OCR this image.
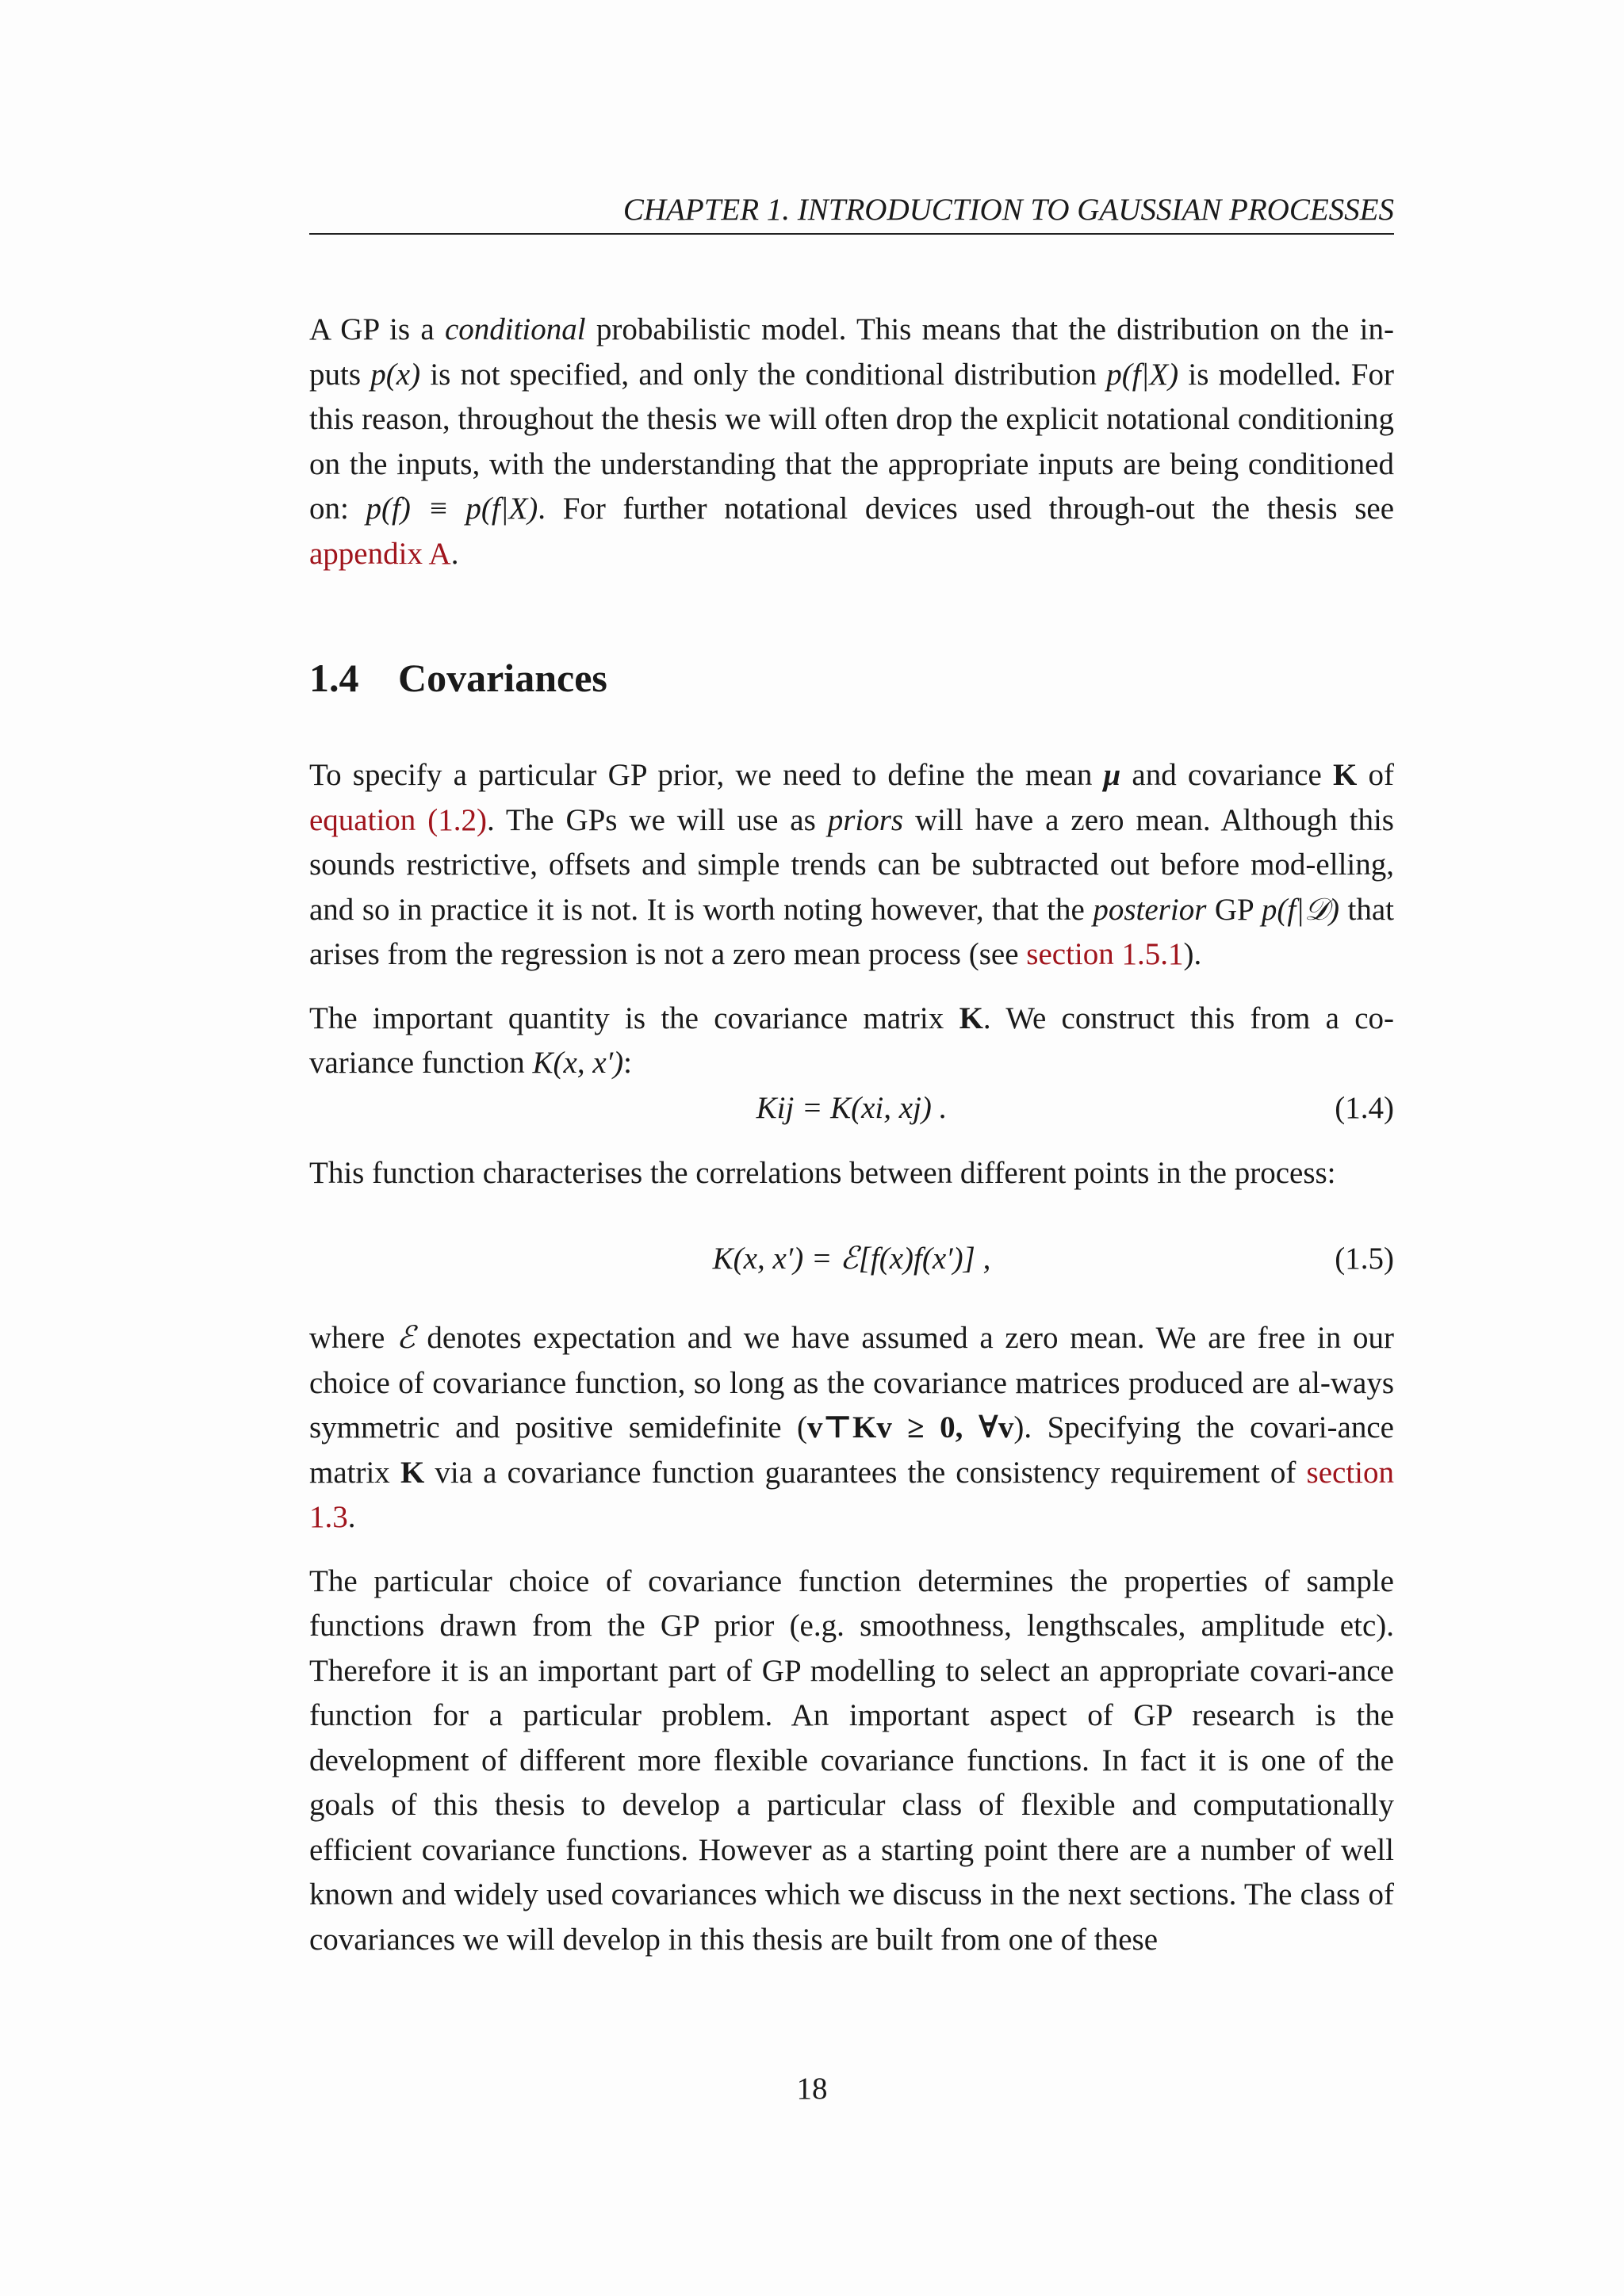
CHAPTER 1. INTRODUCTION TO GAUSSIAN PROCESSES

A GP is a conditional probabilistic model. This means that the distribution on the in-puts p(x) is not specified, and only the conditional distribution p(f|X) is modelled. For this reason, throughout the thesis we will often drop the explicit notational conditioning on the inputs, with the understanding that the appropriate inputs are being conditioned on: p(f) ≡ p(f|X). For further notational devices used through-out the thesis see appendix A.

1.4 Covariances

To specify a particular GP prior, we need to define the mean μ and covariance K of equation (1.2). The GPs we will use as priors will have a zero mean. Although this sounds restrictive, offsets and simple trends can be subtracted out before mod-elling, and so in practice it is not. It is worth noting however, that the posterior GP p(f|𝒟) that arises from the regression is not a zero mean process (see section 1.5.1).

The important quantity is the covariance matrix K. We construct this from a co-variance function K(x, x′):

Kij = K(xi, xj) .	(1.4)

This function characterises the correlations between different points in the process:

K(x, x′) = ℰ[f(x)f(x′)] ,	(1.5)

where ℰ denotes expectation and we have assumed a zero mean. We are free in our choice of covariance function, so long as the covariance matrices produced are al-ways symmetric and positive semidefinite (v⊤Kv ≥ 0, ∀v). Specifying the covari-ance matrix K via a covariance function guarantees the consistency requirement of section 1.3.

The particular choice of covariance function determines the properties of sample functions drawn from the GP prior (e.g. smoothness, lengthscales, amplitude etc). Therefore it is an important part of GP modelling to select an appropriate covari-ance function for a particular problem. An important aspect of GP research is the development of different more flexible covariance functions. In fact it is one of the goals of this thesis to develop a particular class of flexible and computationally efficient covariance functions. However as a starting point there are a number of well known and widely used covariances which we discuss in the next sections. The class of covariances we will develop in this thesis are built from one of these

18
